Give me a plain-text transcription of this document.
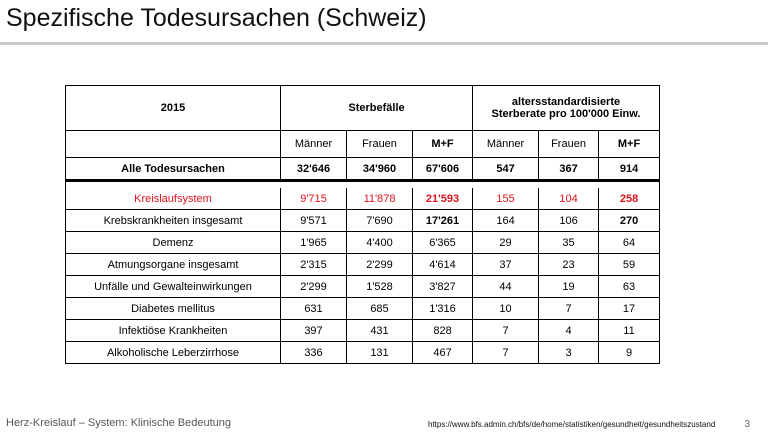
Spezifische Todesursachen (Schweiz)
2015	Sterbefälle			altersstandardisierte
Sterberate pro 100'000 Einw.		
	Männer	Frauen	M+F	Männer	Frauen	M+F
Alle Todesursachen	32'646	34'960	67'606	547	367	914

Kreislaufsystem	9'715	11'878	21'593	155	104	258
Krebskrankheiten insgesamt	9'571	7'690	17'261	164	106	270
Demenz	1'965	4'400	6'365	29	35	64
Atmungsorgane insgesamt	2'315	2'299	4'614	37	23	59
Unfälle und Gewalteinwirkungen	2'299	1'528	3'827	44	19	63
Diabetes mellitus	631	685	1'316	10	7	17
Infektiöse Krankheiten	397	431	828	7	4	11
Alkoholische Leberzirrhose	336	131	467	7	3	9
Herz-Kreislauf – System: Klinische Bedeutung	https://www.bfs.admin.ch/bfs/de/home/statistiken/gesundheit/gesundheitszustand	3
